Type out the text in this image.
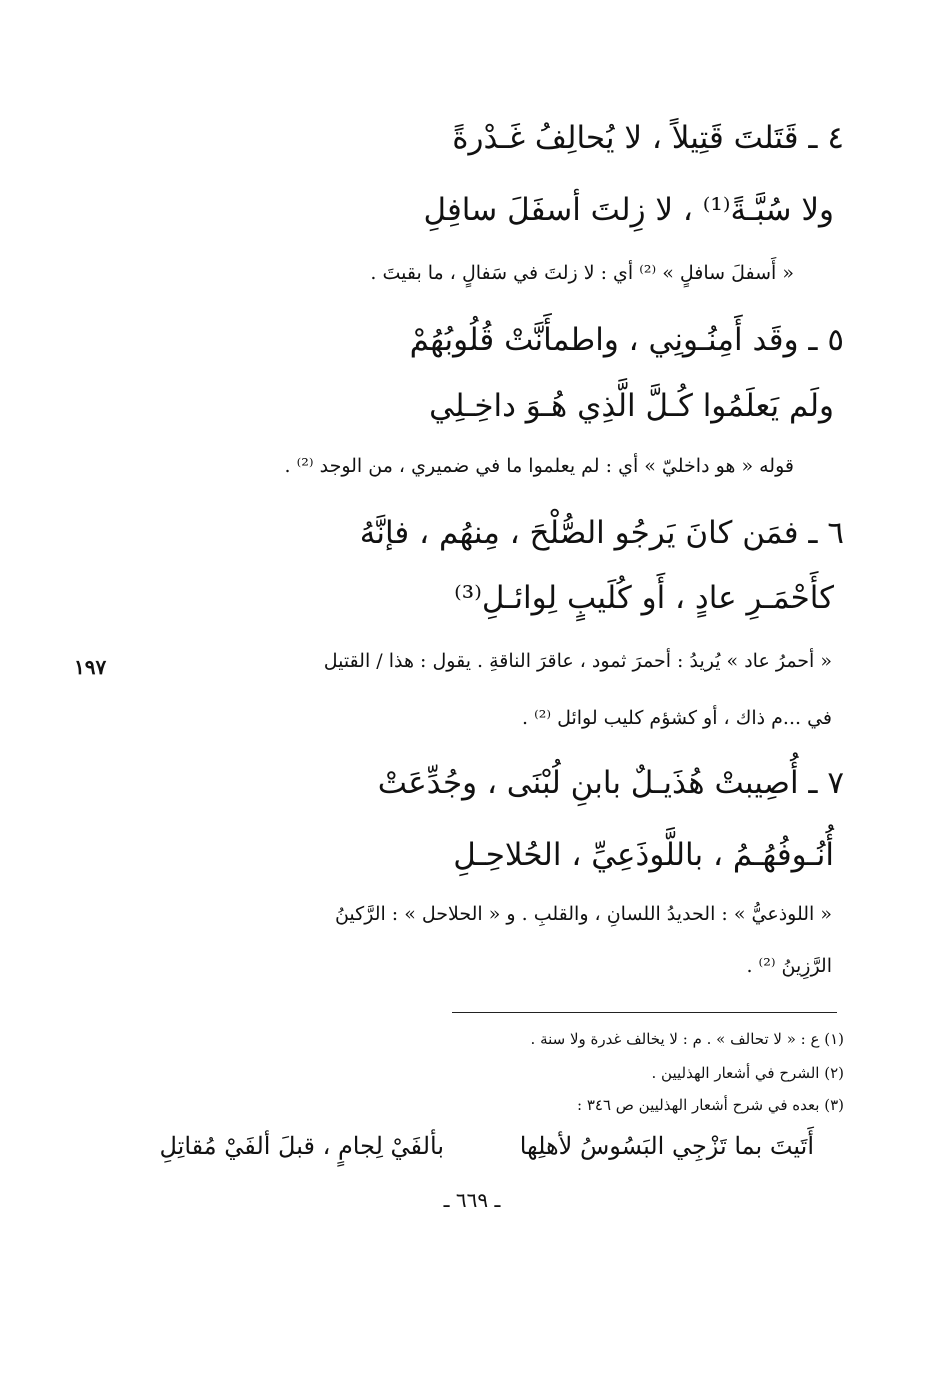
٤ ـ قَتَلتَ قَتِيلاً ، لا يُحالِفُ غَـدْرةً
ولا سُبَّـةً⁽¹⁾ ، لا زِلتَ أسفَلَ سافِلِ
« أَسفلَ سافلٍ » ⁽²⁾ أي : لا زلتَ في سَفالٍ ، ما بقيتَ .
٥ ـ وقَد أَمِنُـونِي ، واطمأَنَّتْ قُلُوبُهُمْ
ولَم يَعلَمُوا كُـلَّ الَّذِي هُـوَ داخِـلِي
قوله « هو داخليّ » أي : لم يعلموا ما في ضميري ، من الوجد ⁽²⁾ .
٦ ـ فمَن كانَ يَرجُو الصُّلْحَ ، مِنهُم ، فإنَّهُ
كأَحْمَـرِ عادٍ ، أَو كُلَيبٍ لِوائـلِ⁽³⁾
« أحمرُ عاد » يُريدُ : أحمرَ ثمود ، عاقرَ الناقةِ . يقول : هذا / القتيل
١٩٧
في ...م ذاك ، أو كشؤم كليب لوائل ⁽²⁾ .
٧ ـ أُصِيبتْ هُذَيـلٌ بابنِ لُبْنَى ، وجُدِّعَتْ
أُنُـوفُهُـمُ ، باللَّوذَعِيِّ ، الحُلاحِـلِ
« اللوذعيُّ » : الحديدُ اللسانِ ، والقلبِ . و « الحلاحل » : الرَّكينُ
الرَّزِينُ ⁽²⁾ .
(١) ع : « لا تحالف » . م : لا يخالف غدرة ولا سنة .
(٢) الشرح في أشعار الهذليين .
(٣) بعده في شرح أشعار الهذليين ص ٣٤٦ :
أَتَيتَ بما تَزْجِي البَسُوسُ لأهلِها
بألفَيْ لِجامٍ ، قبلَ ألفَيْ مُقاتِلِ
ـ ٦٦٩ ـ
